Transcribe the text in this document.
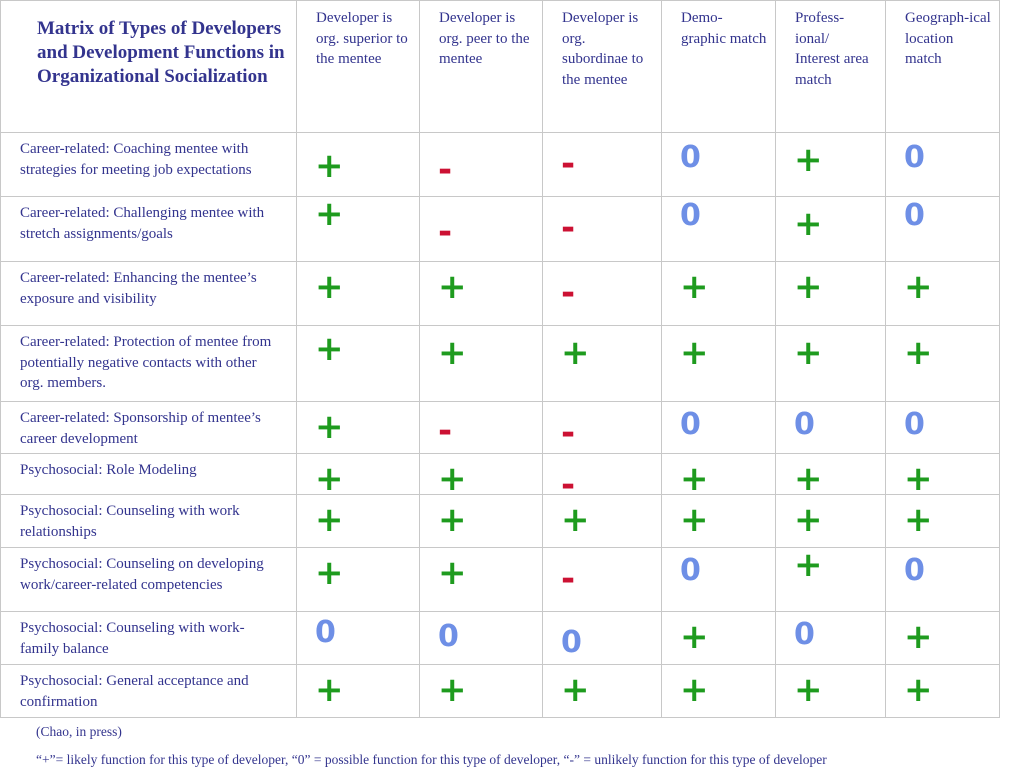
Matrix of Types of Developers and Development Functions in Organizational Socialization	Developer is org. superior to the mentee	Developer is org. peer to the mentee	Developer is org. subordinae to the mentee	Demo-graphic match	Profess-ional/ Interest area match	Geograph-ical location match

Career-related: Coaching mentee with strategies for meeting job expectations	+	-	-	0	+	0

Career-related: Challenging mentee with stretch assignments/goals	+	-	-	0	+	0

Career-related: Enhancing the mentee’s exposure and visibility	+	+	-	+	+	+

Career-related: Protection of mentee from potentially negative contacts with other org. members.	+	+	+	+	+	+

Career-related: Sponsorship of mentee’s career development	+	-	-	0	0	0

Psychosocial: Role Modeling	+	+	-	+	+	+

Psychosocial: Counseling with work relationships	+	+	+	+	+	+

Psychosocial: Counseling on developing work/career-related competencies	+	+	-	0	+	0

Psychosocial: Counseling with work-family balance	0	0	0	+	0	+

Psychosocial: General acceptance and confirmation	+	+	+	+	+	+
(Chao, in press)
“+”= likely function for this type of developer, “0” = possible function for this type of developer, “-” = unlikely function for this type of developer
